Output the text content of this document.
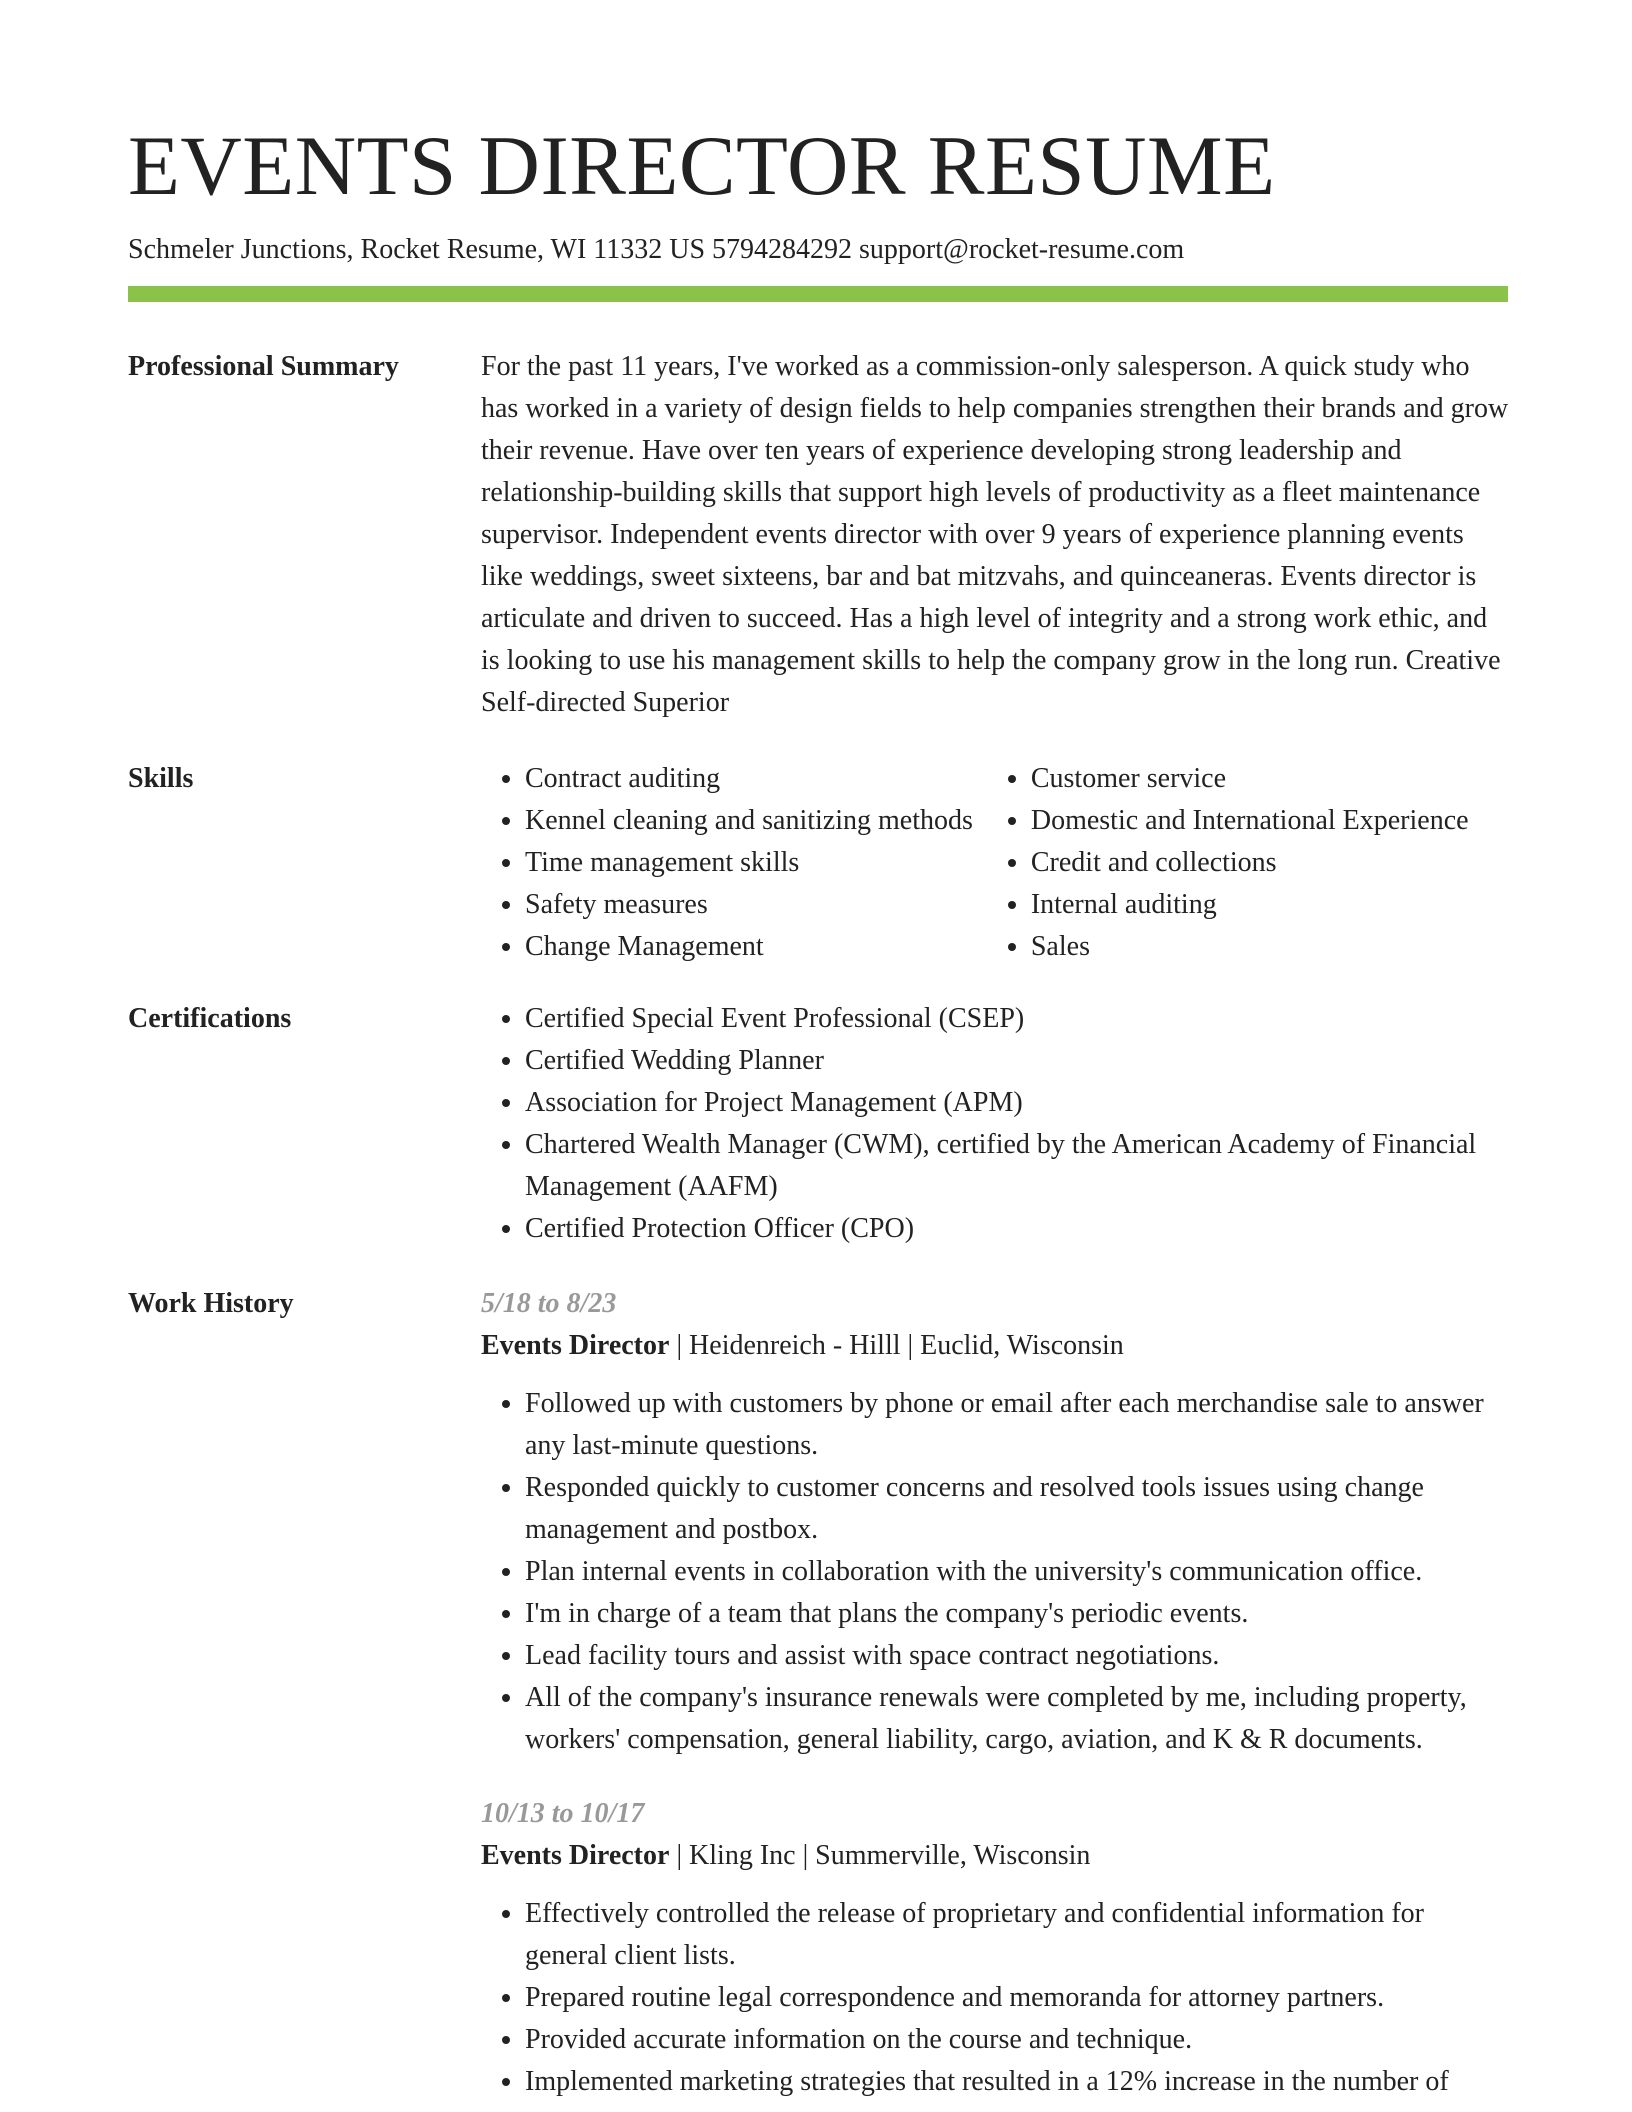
EVENTS DIRECTOR RESUME
Schmeler Junctions, Rocket Resume, WI 11332 US 5794284292 support@rocket-resume.com
Professional Summary	For the past 11 years, I've worked as a commission-only salesperson. A quick study who has worked in a variety of design fields to help companies strengthen their brands and grow their revenue. Have over ten years of experience developing strong leadership and relationship-building skills that support high levels of productivity as a fleet maintenance supervisor. Independent events director with over 9 years of experience planning events like weddings, sweet sixteens, bar and bat mitzvahs, and quinceaneras. Events director is articulate and driven to succeed. Has a high level of integrity and a strong work ethic, and is looking to use his management skills to help the company grow in the long run. Creative Self-directed Superior

Skills	• Contract auditing
• Kennel cleaning and sanitizing methods
• Time management skills
• Safety measures
• Change Management
• Customer service
• Domestic and International Experience
• Credit and collections
• Internal auditing
• Sales
Certifications	• Certified Special Event Professional (CSEP)
• Certified Wedding Planner
• Association for Project Management (APM)
• Chartered Wealth Manager (CWM), certified by the American Academy of Financial Management (AAFM)
• Certified Protection Officer (CPO)
Work History	5/18 to 8/23
Events Director | Heidenreich - Hilll | Euclid, Wisconsin
• Followed up with customers by phone or email after each merchandise sale to answer any last-minute questions.
• Responded quickly to customer concerns and resolved tools issues using change management and postbox.
• Plan internal events in collaboration with the university's communication office.
• I'm in charge of a team that plans the company's periodic events.
• Lead facility tours and assist with space contract negotiations.
• All of the company's insurance renewals were completed by me, including property, workers' compensation, general liability, cargo, aviation, and K & R documents.
10/13 to 10/17
Events Director | Kling Inc | Summerville, Wisconsin
• Effectively controlled the release of proprietary and confidential information for general client lists.
• Prepared routine legal correspondence and memoranda for attorney partners.
• Provided accurate information on the course and technique.
• Implemented marketing strategies that resulted in a 12% increase in the number of
